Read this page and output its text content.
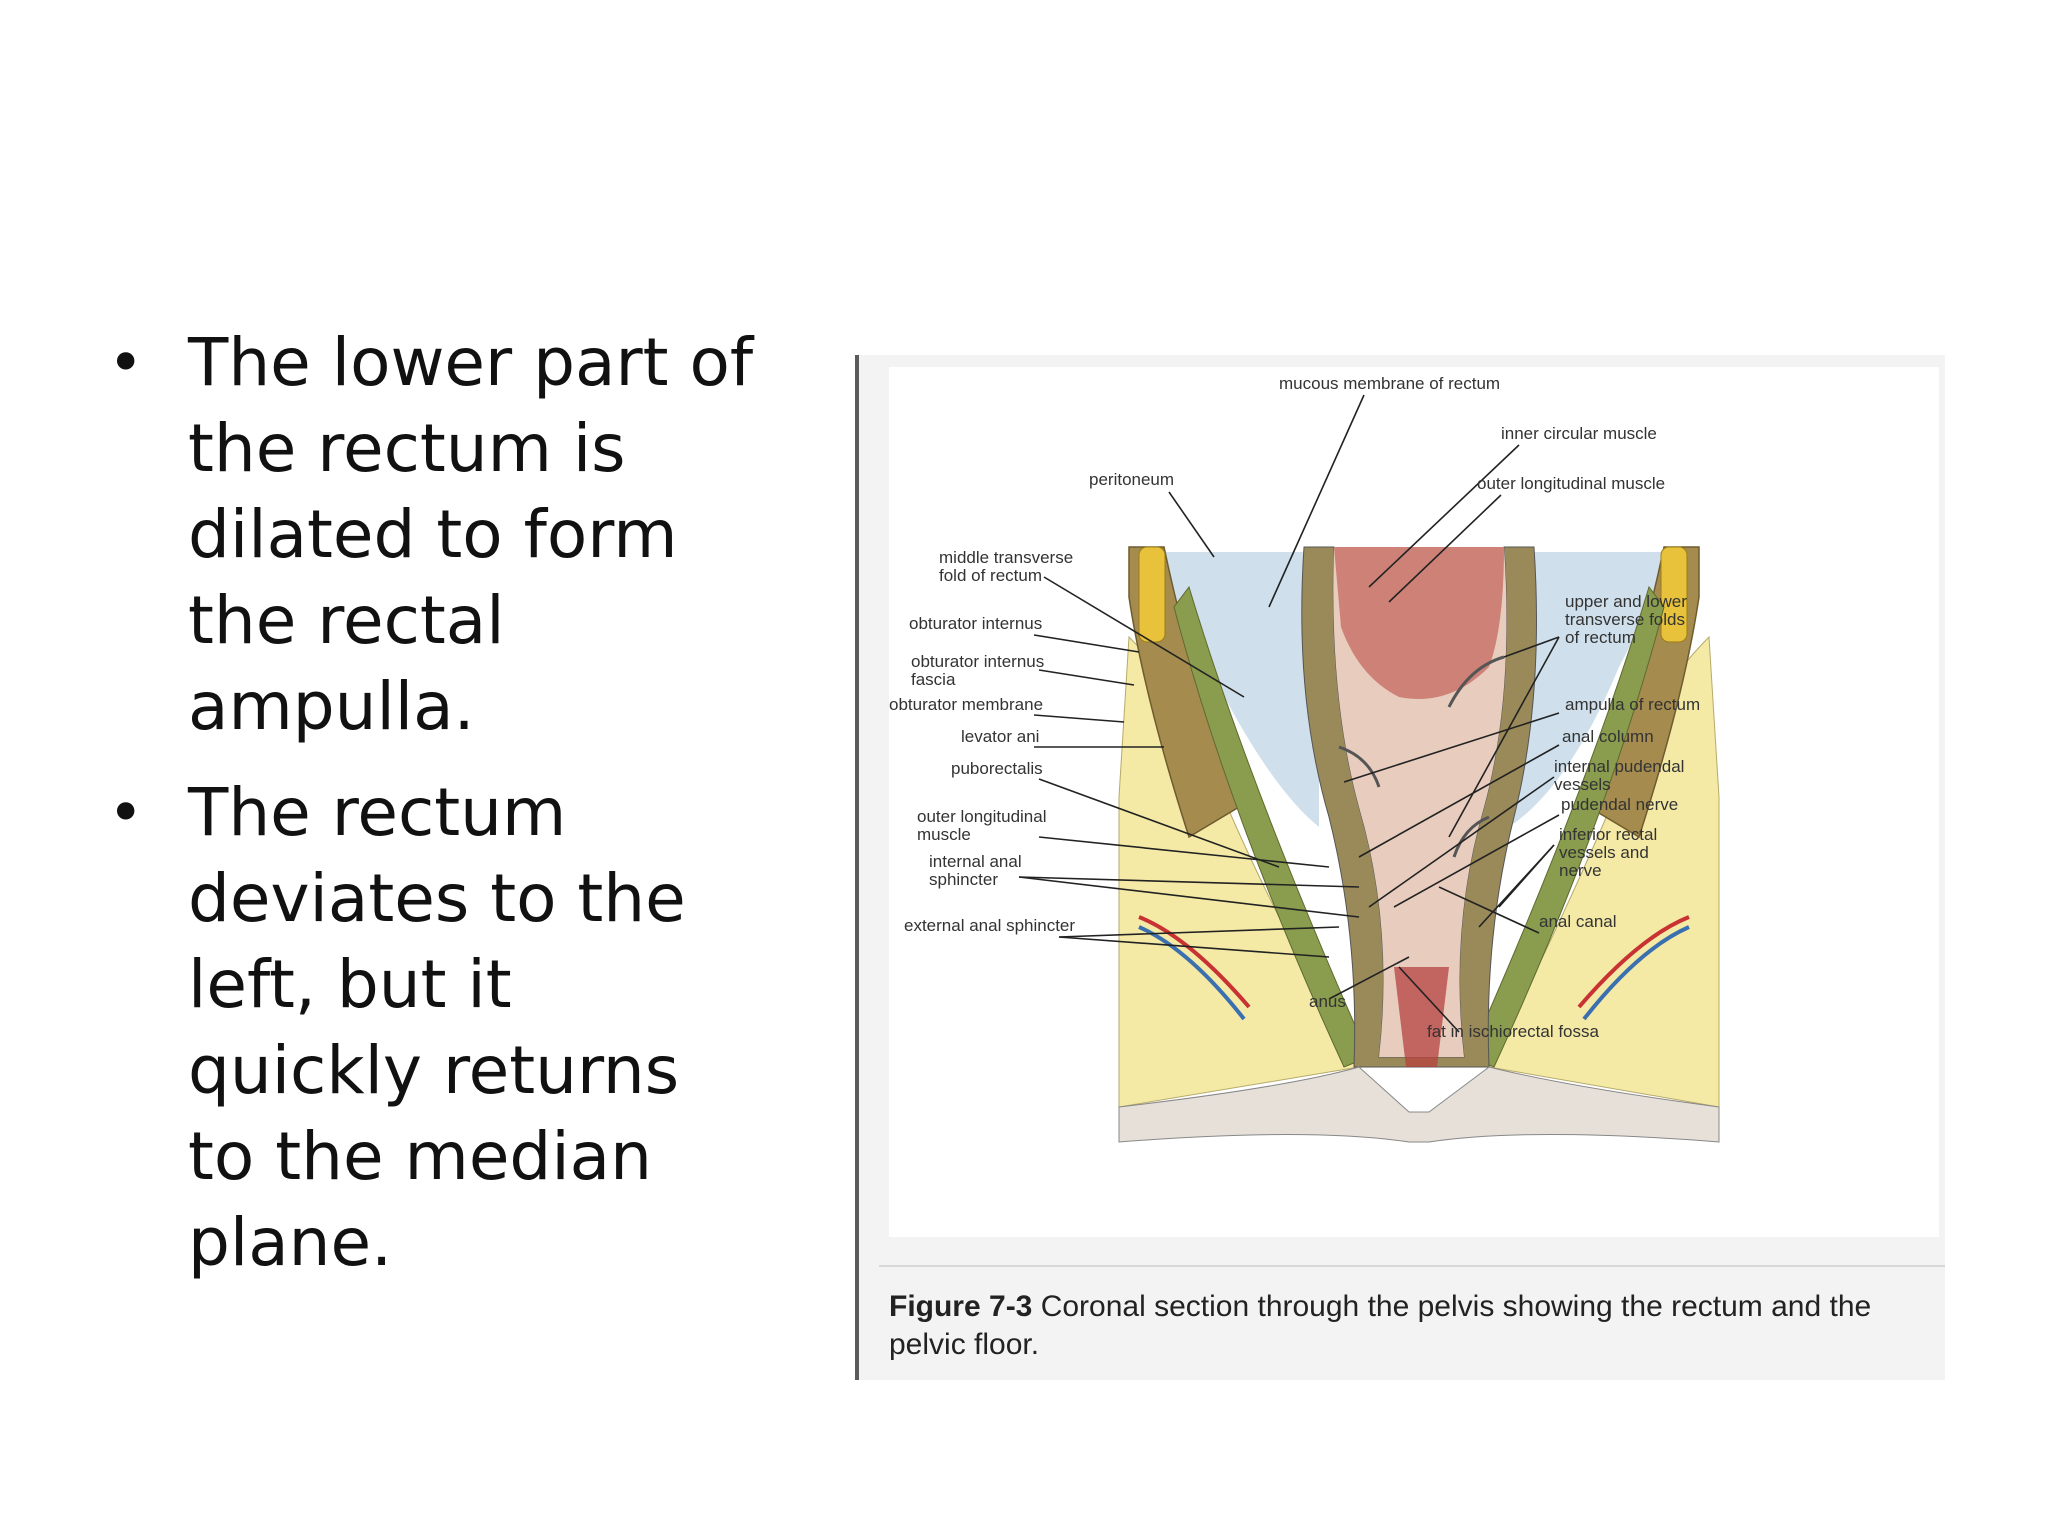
• The lower part of
the rectum is
dilated to form
the rectal
ampulla.
• The rectum
deviates to the
left, but it
quickly returns
to the median
plane.
mucous membrane of rectum
inner circular muscle
peritoneum	outer longitudinal muscle
middle transverse
fold of rectum
upper and lower
transverse folds
of rectum
obturator internus
obturator internus
fascia
obturator membrane	ampulla of rectum
levator ani	anal column
puborectalis	internal pudendal
vessels
outer longitudinal
muscle
pudendal nerve
internal anal
sphincter
inferior rectal
vessels and
nerve
external anal sphincter	anal canal
anus
fat in ischiorectal fossa
Figure 7-3 Coronal section through the pelvis showing the rectum and the pelvic floor.
